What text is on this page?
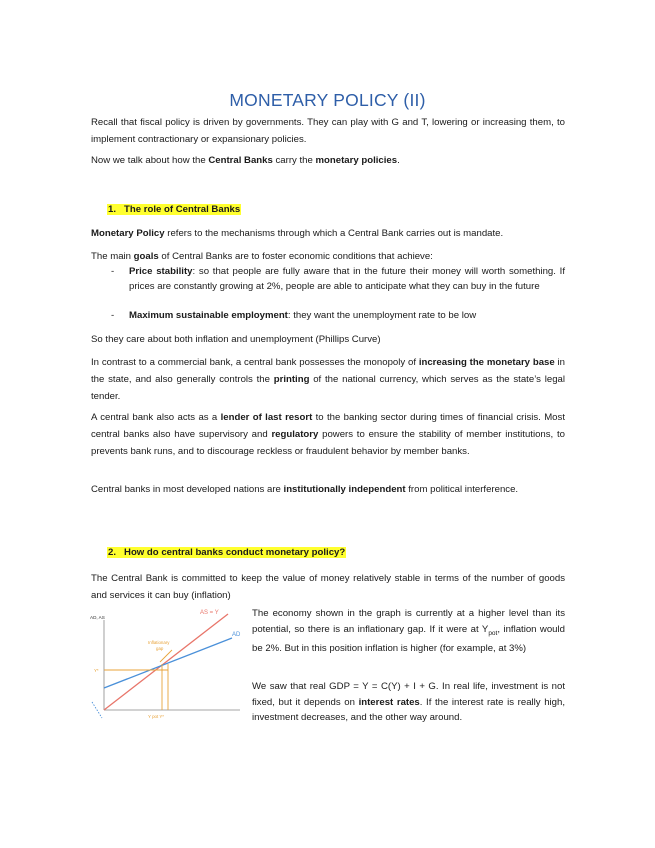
MONETARY POLICY (II)
Recall that fiscal policy is driven by governments. They can play with G and T, lowering or increasing them, to implement contractionary or expansionary policies.
Now we talk about how the Central Banks carry the monetary policies.
1. The role of Central Banks
Monetary Policy refers to the mechanisms through which a Central Bank carries out is mandate.
The main goals of Central Banks are to foster economic conditions that achieve:
- Price stability: so that people are fully aware that in the future their money will worth something. If prices are constantly growing at 2%, people are able to anticipate what they can buy in the future
- Maximum sustainable employment: they want the unemployment rate to be low
So they care about both inflation and unemployment (Phillips Curve)
In contrast to a commercial bank, a central bank possesses the monopoly of increasing the monetary base in the state, and also generally controls the printing of the national currency, which serves as the state’s legal tender.
A central bank also acts as a lender of last resort to the banking sector during times of financial crisis. Most central banks also have supervisory and regulatory powers to ensure the stability of member institutions, to prevents bank runs, and to discourage reckless or fraudulent behavior by member banks.
Central banks in most developed nations are institutionally independent from political interference.
2. How do central banks conduct monetary policy?
The Central Bank is committed to keep the value of money relatively stable in terms of the number of goods and services it can buy (inflation)
AD, AS
AS = Y
AD
Inflationary
gap
Y*
Y pot Y*
The economy shown in the graph is currently at a higher level than its potential, so there is an inflationary gap. If it were at $Y_{pot}$, inflation would be 2%. But in this position inflation is higher (for example, at 3%)
We saw that real GDP = Y = C(Y) + I + G. In real life, investment is not fixed, but it depends on interest rates. If the interest rate is really high, investment decreases, and the other way around.
